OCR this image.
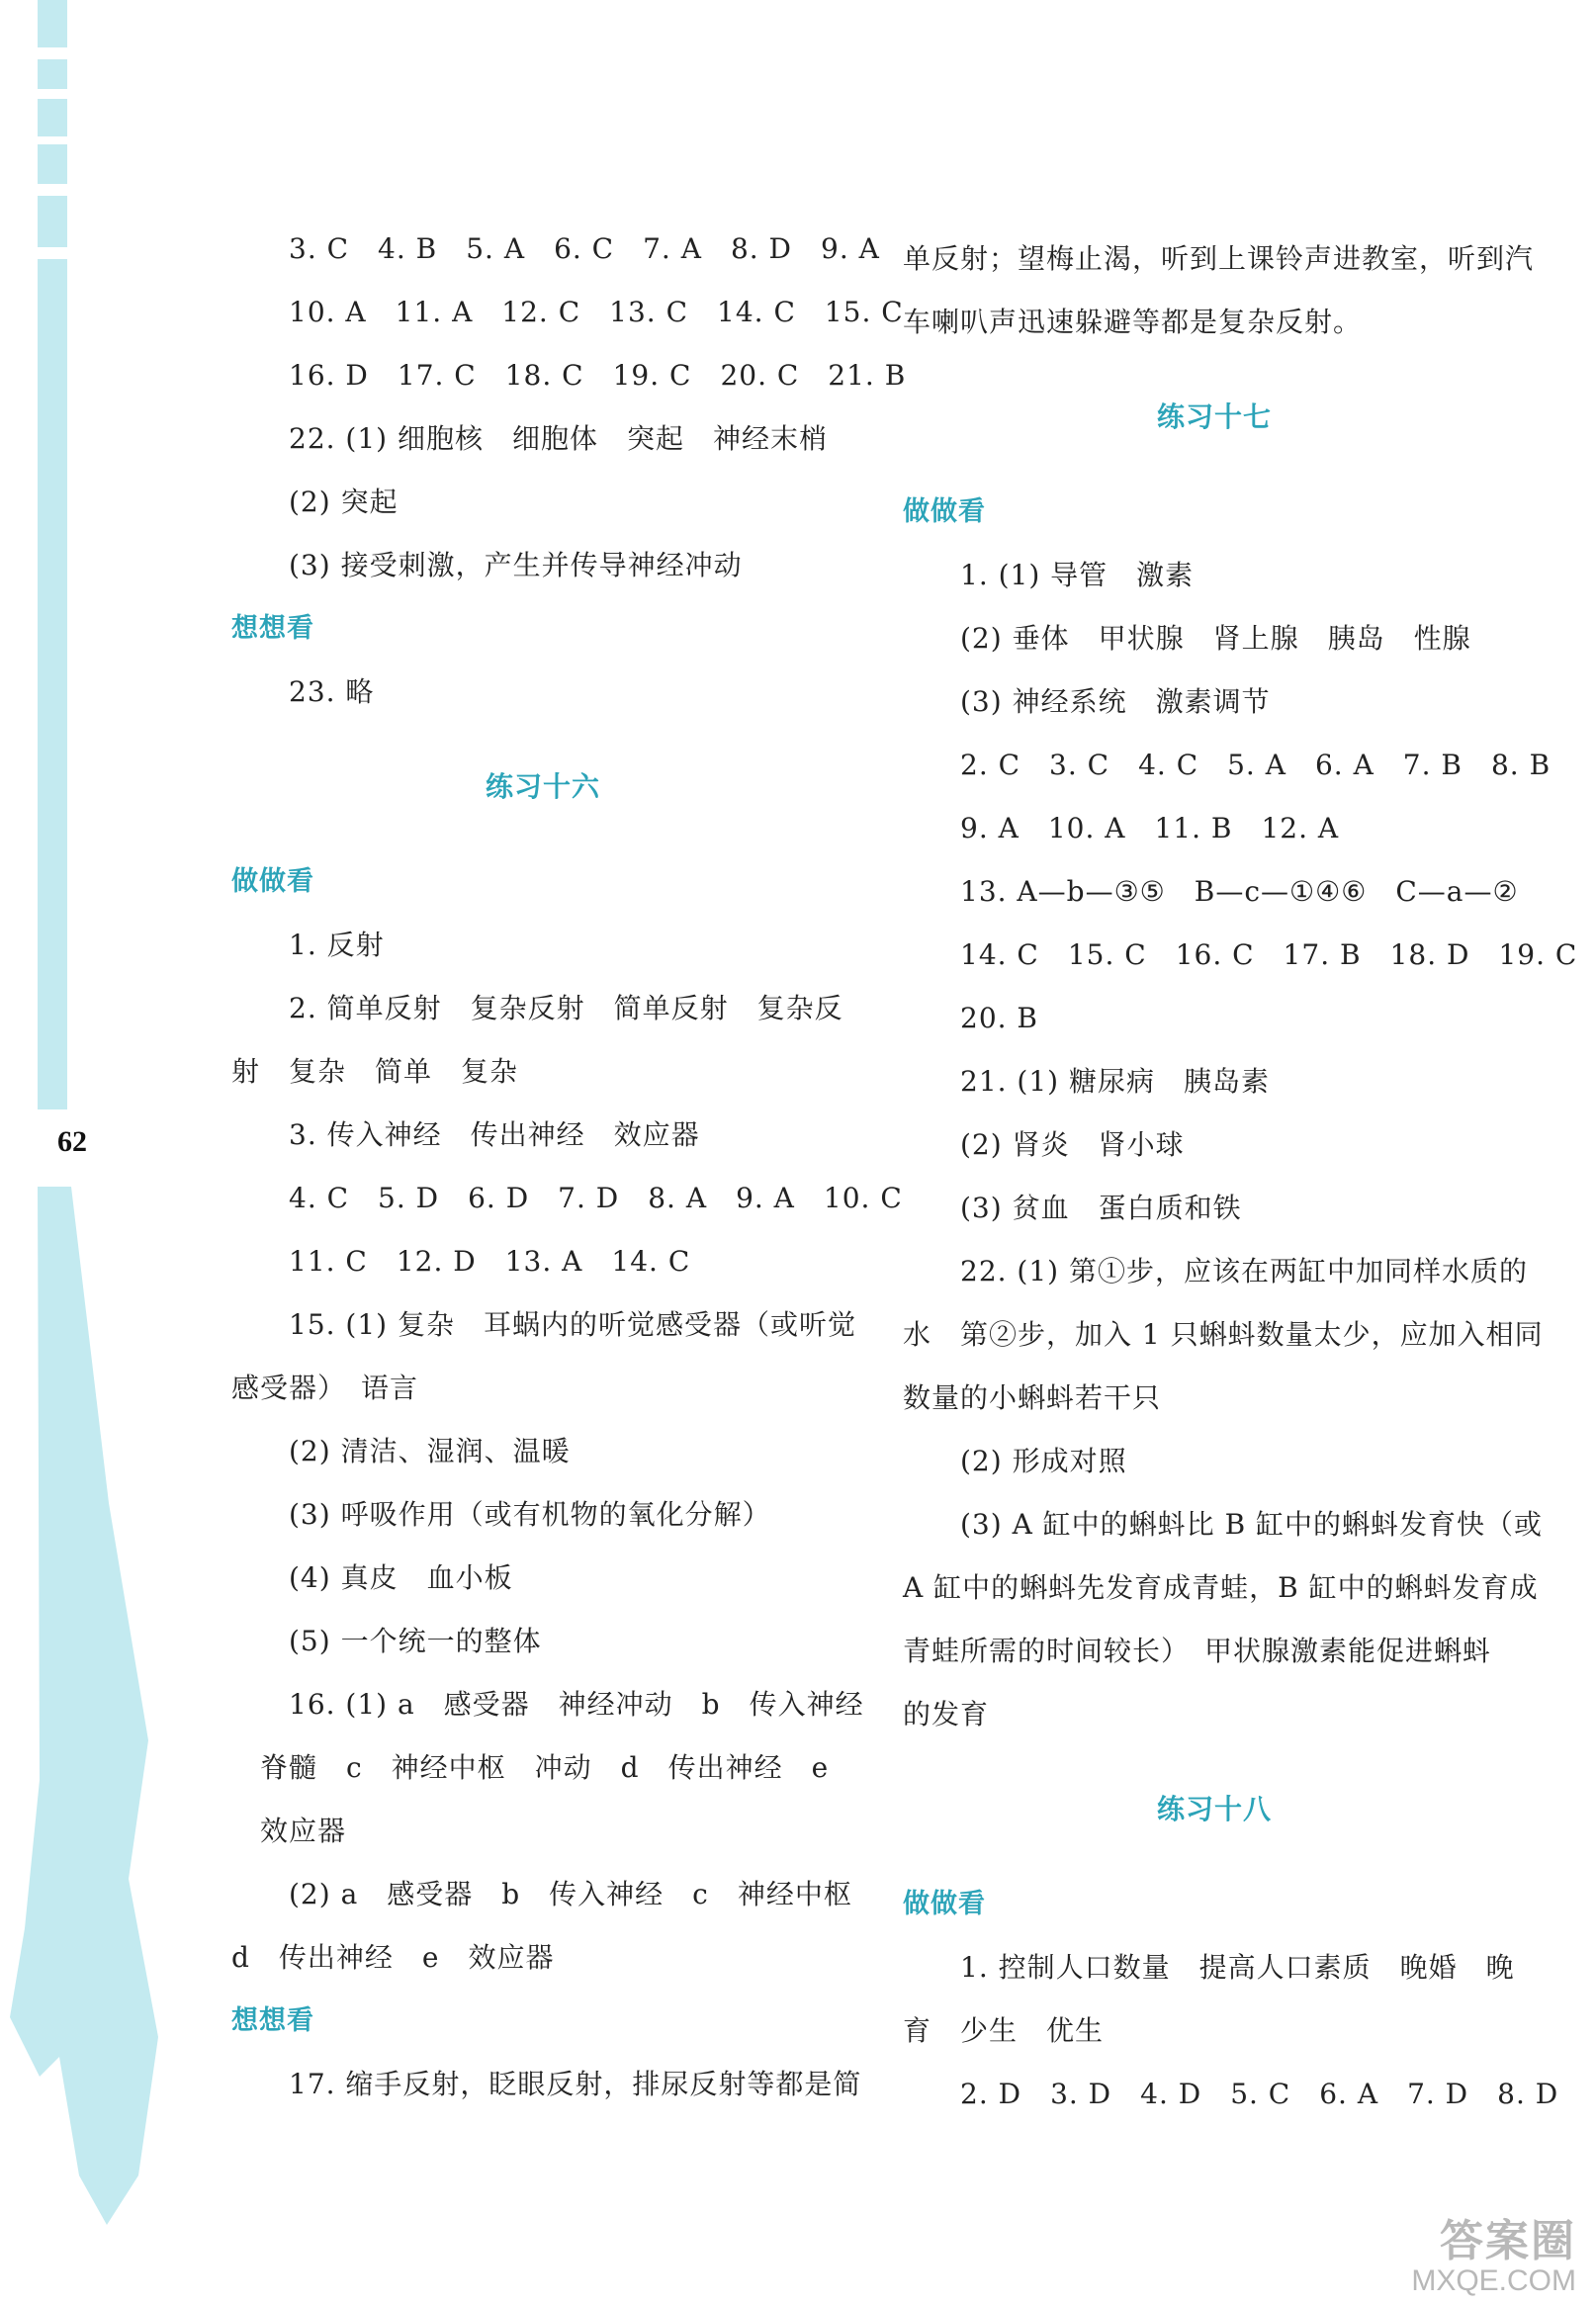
62
3. C　4. B　5. A　6. C　7. A　8. D　9. A
10. A　11. A　12. C　13. C　14. C　15. C
16. D　17. C　18. C　19. C　20. C　21. B
22. (1) 细胞核　细胞体　突起　神经末梢
(2) 突起
(3) 接受刺激，产生并传导神经冲动
想想看
23. 略
练习十六
做做看
1. 反射
2. 简单反射　复杂反射　简单反射　复杂反
射　复杂　简单　复杂
3. 传入神经　传出神经　效应器
4. C　5. D　6. D　7. D　8. A　9. A　10. C
11. C　12. D　13. A　14. C
15. (1) 复杂　耳蜗内的听觉感受器（或听觉
感受器）　语言
(2) 清洁、湿润、温暖
(3) 呼吸作用（或有机物的氧化分解）
(4) 真皮　血小板
(5) 一个统一的整体
16. (1) a　感受器　神经冲动　b　传入神经
　脊髓　c　神经中枢　冲动　d　传出神经　e
　效应器
(2) a　感受器　b　传入神经　c　神经中枢
d　传出神经　e　效应器
想想看
17. 缩手反射，眨眼反射，排尿反射等都是简
单反射；望梅止渴，听到上课铃声进教室，听到汽
车喇叭声迅速躲避等都是复杂反射。
练习十七
做做看
1. (1) 导管　激素
(2) 垂体　甲状腺　肾上腺　胰岛　性腺
(3) 神经系统　激素调节
2. C　3. C　4. C　5. A　6. A　7. B　8. B
9. A　10. A　11. B　12. A
13. A—b—③⑤　B—c—①④⑥　C—a—②
14. C　15. C　16. C　17. B　18. D　19. C
20. B
21. (1) 糖尿病　胰岛素
(2) 肾炎　肾小球
(3) 贫血　蛋白质和铁
22. (1) 第①步，应该在两缸中加同样水质的
水　第②步，加入 1 只蝌蚪数量太少，应加入相同
数量的小蝌蚪若干只
(2) 形成对照
(3) A 缸中的蝌蚪比 B 缸中的蝌蚪发育快（或
A 缸中的蝌蚪先发育成青蛙，B 缸中的蝌蚪发育成
青蛙所需的时间较长）　甲状腺激素能促进蝌蚪
的发育
练习十八
做做看
1. 控制人口数量　提高人口素质　晚婚　晚
育　少生　优生
2. D　3. D　4. D　5. C　6. A　7. D　8. D
答案圈
MXQE.COM
